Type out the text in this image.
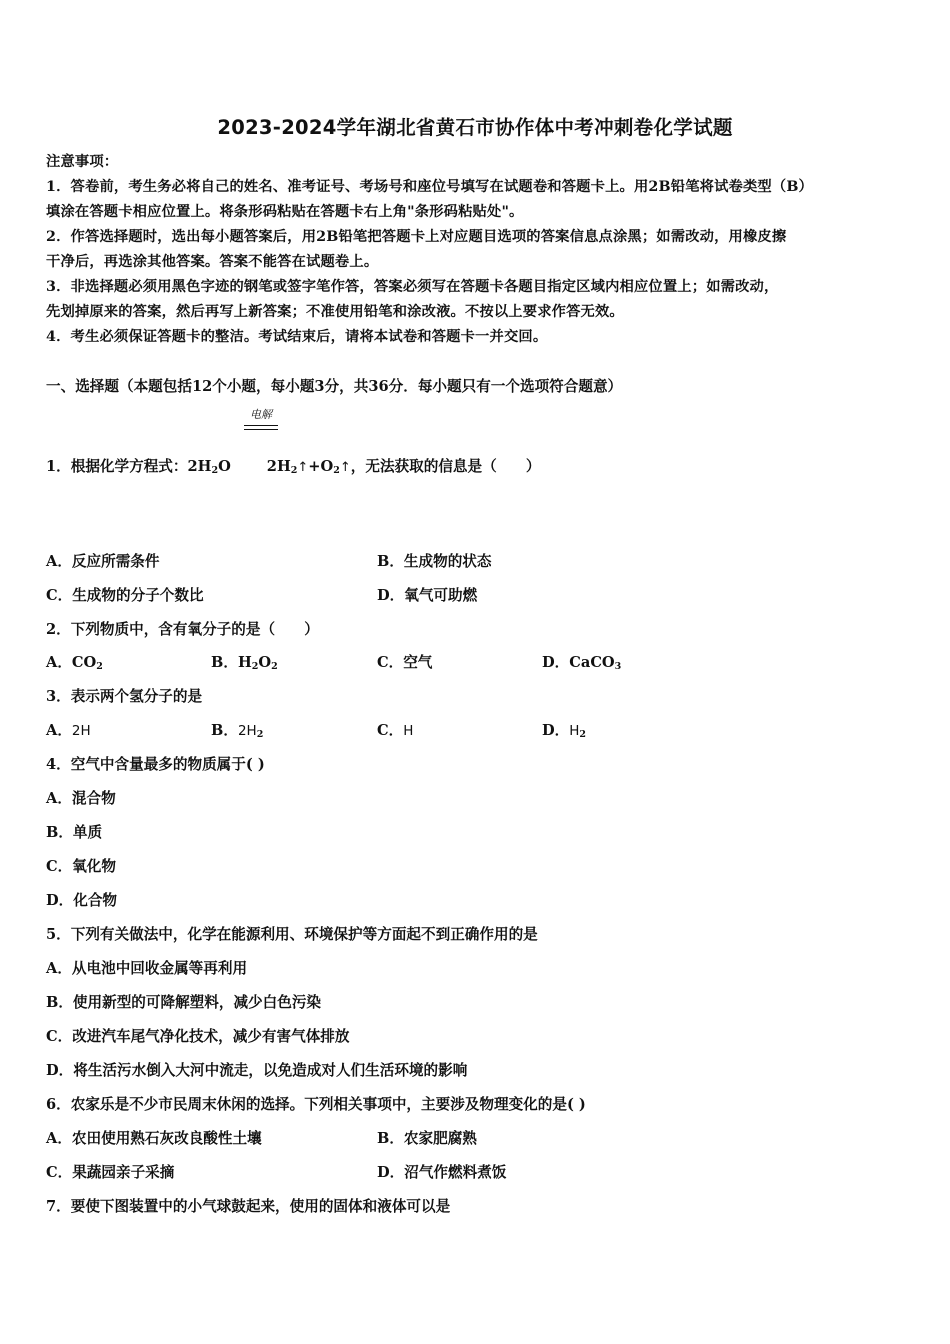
2023-2024学年湖北省黄石市协作体中考冲刺卷化学试题
注意事项：
1．答卷前，考生务必将自己的姓名、准考证号、考场号和座位号填写在试题卷和答题卡上。用2B铅笔将试卷类型（B）
填涂在答题卡相应位置上。将条形码粘贴在答题卡右上角"条形码粘贴处"。
2．作答选择题时，选出每小题答案后，用2B铅笔把答题卡上对应题目选项的答案信息点涂黑；如需改动，用橡皮擦
干净后，再选涂其他答案。答案不能答在试题卷上。
3．非选择题必须用黑色字迹的钢笔或签字笔作答，答案必须写在答题卡各题目指定区域内相应位置上；如需改动，
先划掉原来的答案，然后再写上新答案；不准使用铅笔和涂改液。不按以上要求作答无效。
4．考生必须保证答题卡的整洁。考试结束后，请将本试卷和答题卡一并交回。
一、选择题（本题包括12个小题，每小题3分，共36分．每小题只有一个选项符合题意）
电解
1．根据化学方程式：$2H_2O$ $2H_2↑+O_2↑$，无法获取的信息是（　　）
A．反应所需条件	B．生成物的状态
C．生成物的分子个数比	D．氧气可助燃
2．下列物质中，含有氧分子的是（　　）
A．$CO_2$	B．$H_2O_2$	C．空气	D．CaCO$_3$
3．表示两个氢分子的是
A．2H	B．$2H_2$	C．H	D．$H_2$
4．空气中含量最多的物质属于( )
A．混合物
B．单质
C．氧化物
D．化合物
5．下列有关做法中，化学在能源利用、环境保护等方面起不到正确作用的是
A．从电池中回收金属等再利用
B．使用新型的可降解塑料，减少白色污染
C．改进汽车尾气净化技术，减少有害气体排放
D．将生活污水倒入大河中流走，以免造成对人们生活环境的影响
6．农家乐是不少市民周末休闲的选择。下列相关事项中，主要涉及物理变化的是( )
A．农田使用熟石灰改良酸性土壤	B．农家肥腐熟
C．果蔬园亲子采摘	D．沼气作燃料煮饭
7．要使下图装置中的小气球鼓起来，使用的固体和液体可以是
